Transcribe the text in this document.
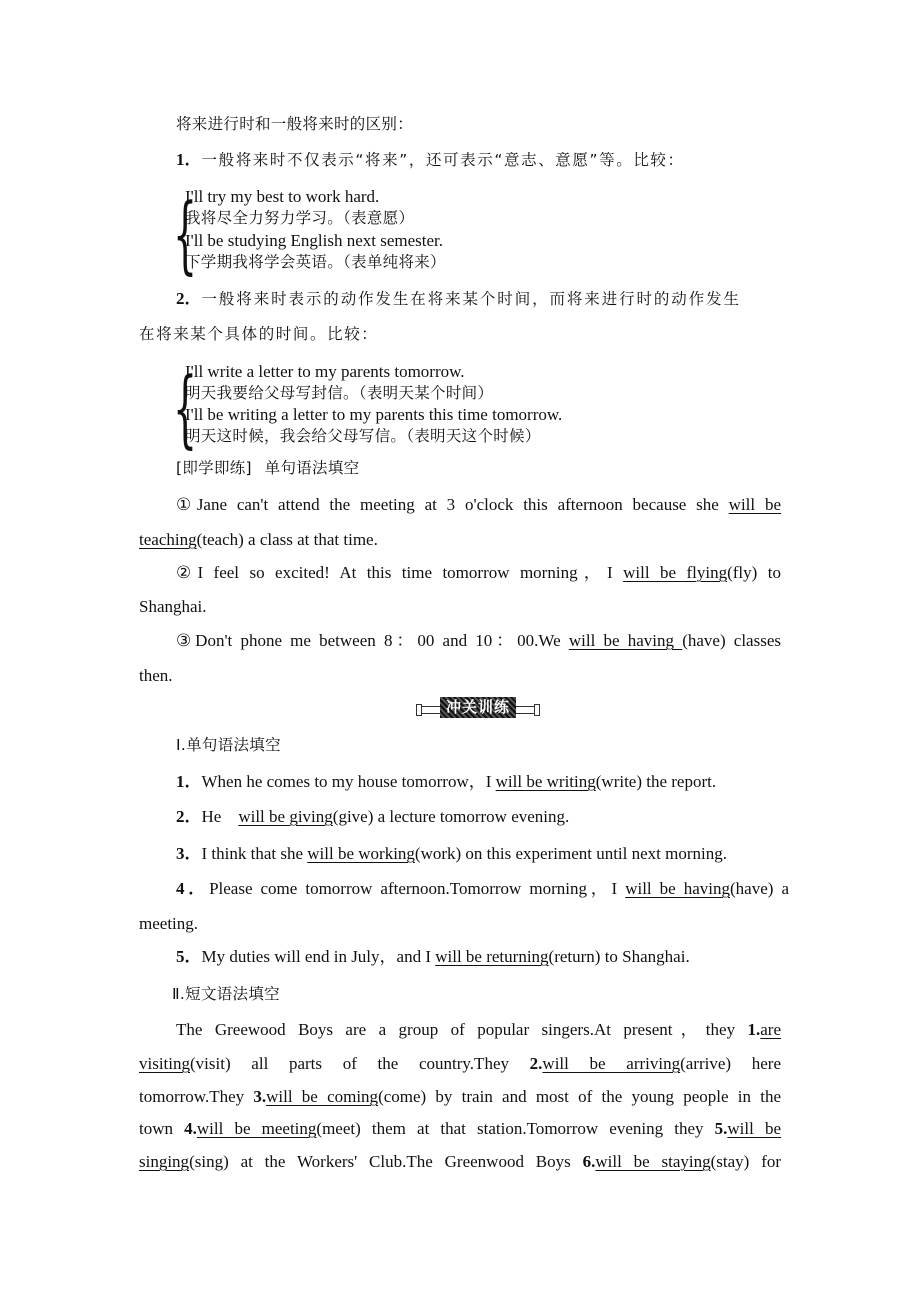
将来进行时和一般将来时的区别：
1．一般将来时不仅表示“将来”，还可表示“意志、意愿”等。比较：
{
I'll try my best to work hard.
我将尽全力努力学习。（表意愿）
I'll be studying English next semester.
下学期我将学会英语。（表单纯将来）
2．一般将来时表示的动作发生在将来某个时间，而将来进行时的动作发生
在将来某个具体的时间。比较：
{
I'll write a letter to my parents tomorrow.
明天我要给父母写封信。（表明天某个时间）
I'll be writing a letter to my parents this time tomorrow.
明天这时候，我会给父母写信。（表明天这个时候）
[即学即练] 单句语法填空
①Jane can't attend the meeting at 3 o'clock this afternoon because she will be
teaching(teach) a class at that time.
②I feel so excited! At this time tomorrow morning，I will be flying(fly) to
Shanghai.
③Don't phone me between 8：00 and 10：00.We will be having (have) classes
then.
冲关训练
Ⅰ.单句语法填空
1．When he comes to my house tomorrow，I will be writing(write) the report.
2．He　will be giving(give) a lecture tomorrow evening.
3．I think that she will be working(work) on this experiment until next morning.
4．Please come tomorrow afternoon.Tomorrow morning，I will be having(have) a
meeting.
5．My duties will end in July，and I will be returning(return) to Shanghai.
Ⅱ.短文语法填空
The Greewood Boys are a group of popular singers.At present，they 1.are
visiting(visit) all parts of the country.They 2.will be arriving(arrive) here
tomorrow.They 3.will be coming(come) by train and most of the young people in the
town 4.will be meeting(meet) them at that station.Tomorrow evening they 5.will be
singing(sing) at the Workers' Club.The Greenwood Boys 6.will be staying(stay) for
